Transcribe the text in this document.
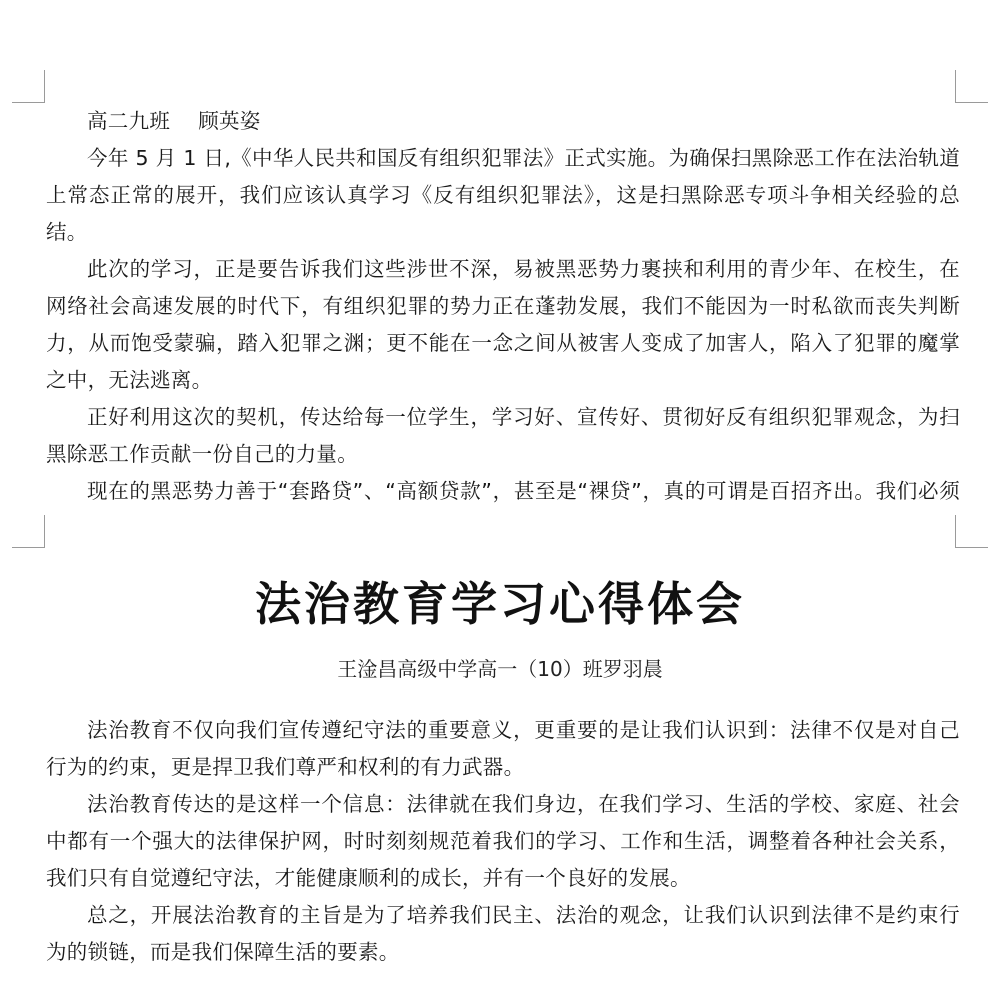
高二九班 顾英姿

今年 5 月 1 日,《中华人民共和国反有组织犯罪法》正式实施。为确保扫黑除恶工作在法治轨道上常态正常的展开，我们应该认真学习《反有组织犯罪法》，这是扫黑除恶专项斗争相关经验的总结。

此次的学习，正是要告诉我们这些涉世不深，易被黑恶势力裹挟和利用的青少年、在校生，在网络社会高速发展的时代下，有组织犯罪的势力正在蓬勃发展，我们不能因为一时私欲而丧失判断力，从而饱受蒙骗，踏入犯罪之渊；更不能在一念之间从被害人变成了加害人，陷入了犯罪的魔掌之中，无法逃离。

正好利用这次的契机，传达给每一位学生，学习好、宣传好、贯彻好反有组织犯罪观念，为扫黑除恶工作贡献一份自己的力量。

现在的黑恶势力善于“套路贷”、“高额贷款”，甚至是“裸贷”，真的可谓是百招齐出。我们必须

法治教育学习心得体会
王淦昌高级中学高一（10）班罗羽晨

法治教育不仅向我们宣传遵纪守法的重要意义，更重要的是让我们认识到：法律不仅是对自己行为的约束，更是捍卫我们尊严和权利的有力武器。

法治教育传达的是这样一个信息：法律就在我们身边，在我们学习、生活的学校、家庭、社会中都有一个强大的法律保护网，时时刻刻规范着我们的学习、工作和生活，调整着各种社会关系，我们只有自觉遵纪守法，才能健康顺利的成长，并有一个良好的发展。

总之，开展法治教育的主旨是为了培养我们民主、法治的观念，让我们认识到法律不是约束行为的锁链，而是我们保障生活的要素。
